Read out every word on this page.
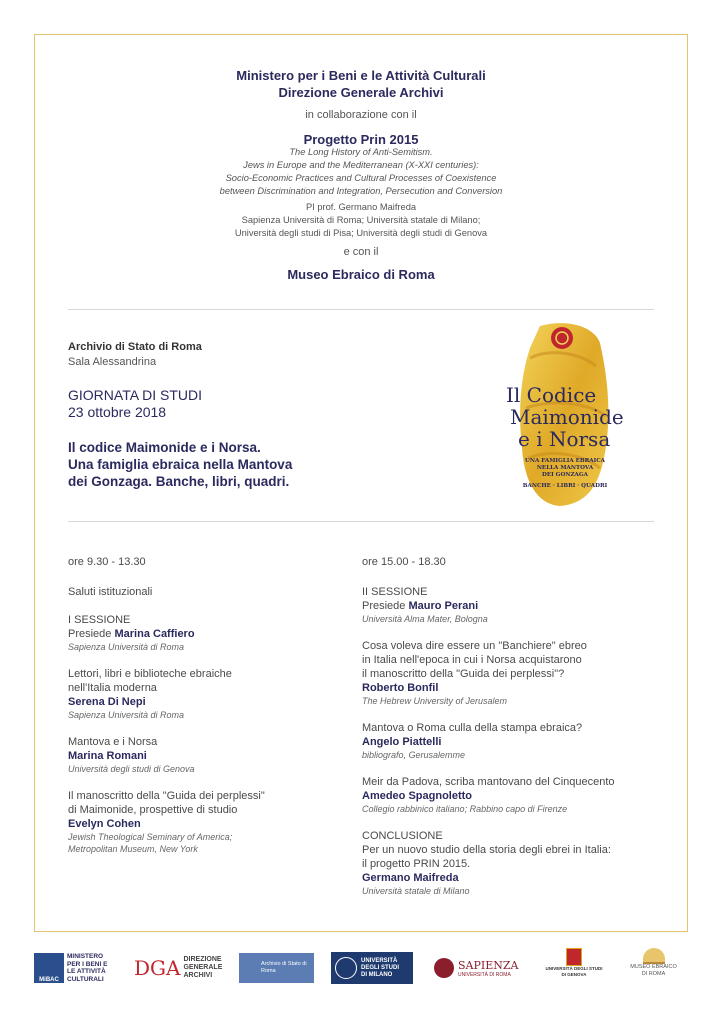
Ministero per i Beni e le Attività Culturali
Direzione Generale Archivi
in collaborazione con il
Progetto Prin 2015
The Long History of Anti-Semitism.
Jews in Europe and the Mediterranean (X-XXI centuries):
Socio-Economic Practices and Cultural Processes of Coexistence
between Discrimination and Integration, Persecution and Conversion
PI prof. Germano Maifreda
Sapienza Università di Roma; Università statale di Milano;
Università degli studi di Pisa; Università degli studi di Genova
e con il
Museo Ebraico di Roma
Archivio di Stato di Roma
Sala Alessandrina
GIORNATA DI STUDI
23 ottobre 2018
Il codice Maimonide e i Norsa.
Una famiglia ebraica nella Mantova
dei Gonzaga. Banche, libri, quadri.
Il Codice
Maimonide
e i Norsa
UNA FAMIGLIA EBRAICA
NELLA MANTOVA
DEI GONZAGA
BANCHE · LIBRI · QUADRI
ore 9.30 - 13.30
Saluti istituzionali
I SESSIONE
Presiede Marina Caffiero
Sapienza Università di Roma
Lettori, libri e biblioteche ebraiche
nell'Italia moderna
Serena Di Nepi
Sapienza Università di Roma
Mantova e i Norsa
Marina Romani
Università degli studi di Genova
Il manoscritto della "Guida dei perplessi"
di Maimonide, prospettive di studio
Evelyn Cohen
Jewish Theological Seminary of America;
Metropolitan Museum, New York
ore 15.00 - 18.30
II SESSIONE
Presiede Mauro Perani
Università Alma Mater, Bologna
Cosa voleva dire essere un "Banchiere" ebreo
in Italia nell'epoca in cui i Norsa acquistarono
il manoscritto della "Guida dei perplessi"?
Roberto Bonfil
The Hebrew University of Jerusalem
Mantova o Roma culla della stampa ebraica?
Angelo Piattelli
bibliografo, Gerusalemme
Meir da Padova, scriba mantovano del Cinquecento
Amedeo Spagnoletto
Collegio rabbinico italiano; Rabbino capo di Firenze
CONCLUSIONE
Per un nuovo studio della storia degli ebrei in Italia:
il progetto PRIN 2015.
Germano Maifreda
Università statale di Milano
MiBAC
MINISTERO
PER I BENI E
LE ATTIVITÀ
CULTURALI DGA DIREZIONE
GENERALE
ARCHIVI
Archivio di Stato di
Roma
UNIVERSITÀ
DEGLI STUDI
DI MILANO
SAPIENZA
UNIVERSITÀ DI ROMA
UNIVERSITÀ DEGLI STUDI
DI GENOVA
MUSEO EBRAICO
DI ROMA
